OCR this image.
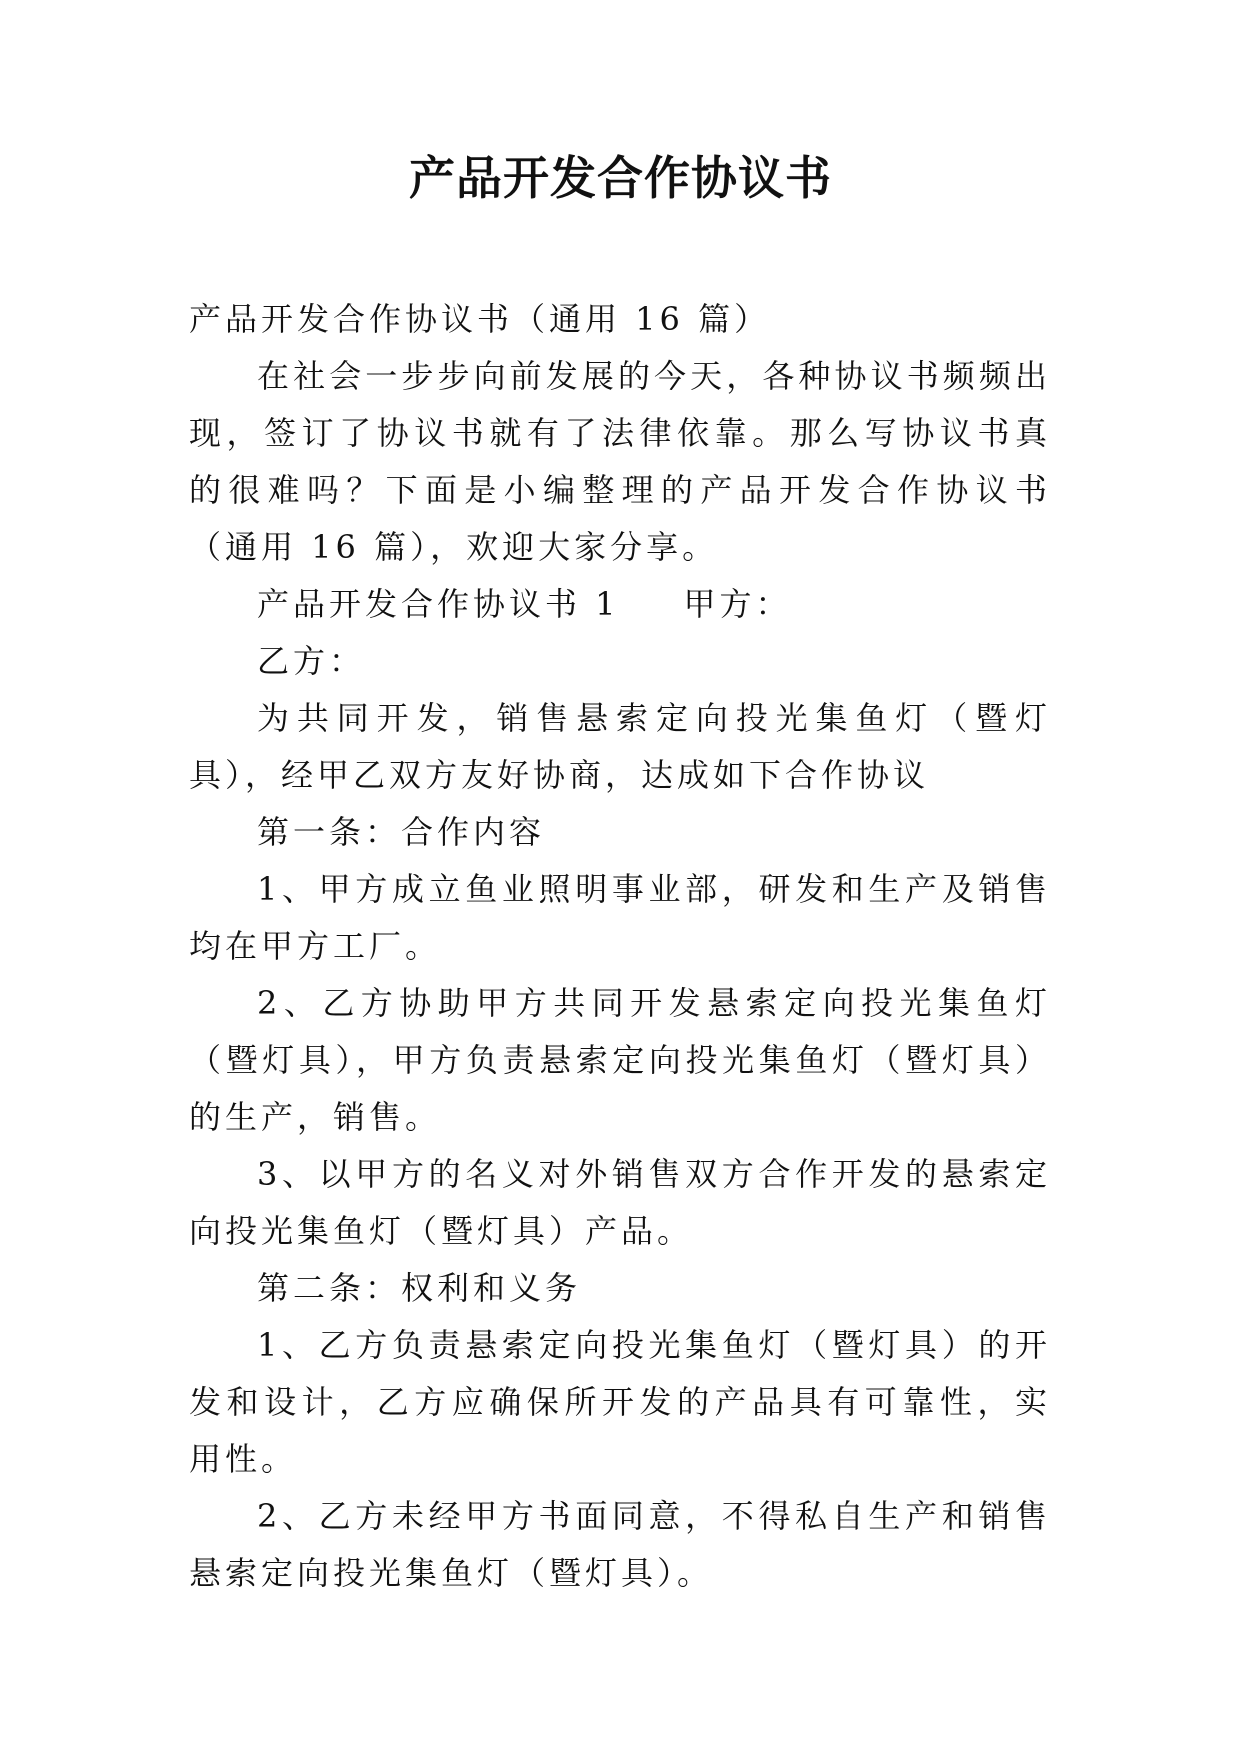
产品开发合作协议书

产品开发合作协议书（通用 16 篇）

在社会一步步向前发展的今天，各种协议书频频出现，签订了协议书就有了法律依靠。那么写协议书真的很难吗？下面是小编整理的产品开发合作协议书（通用 16 篇），欢迎大家分享。

产品开发合作协议书 1 甲方：

乙方：

为共同开发，销售悬索定向投光集鱼灯（暨灯具），经甲乙双方友好协商，达成如下合作协议

第一条：合作内容

1、甲方成立鱼业照明事业部，研发和生产及销售均在甲方工厂。

2、乙方协助甲方共同开发悬索定向投光集鱼灯（暨灯具），甲方负责悬索定向投光集鱼灯（暨灯具）的生产，销售。

3、以甲方的名义对外销售双方合作开发的悬索定向投光集鱼灯（暨灯具）产品。

第二条：权利和义务

1、乙方负责悬索定向投光集鱼灯（暨灯具）的开发和设计，乙方应确保所开发的产品具有可靠性，实用性。

2、乙方未经甲方书面同意，不得私自生产和销售悬索定向投光集鱼灯（暨灯具）。
